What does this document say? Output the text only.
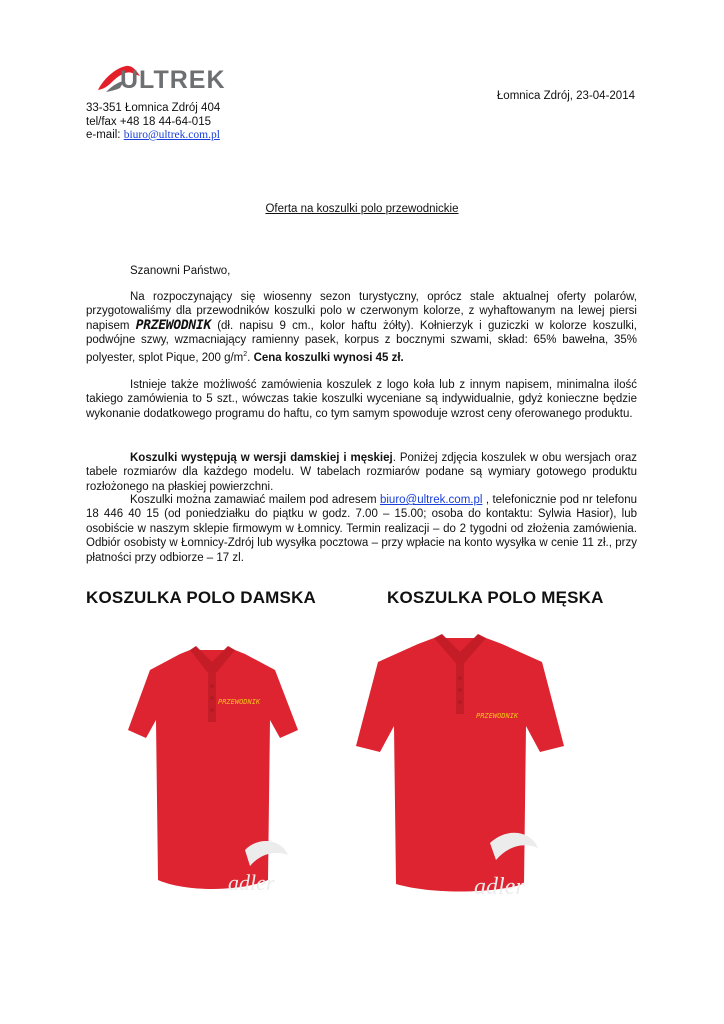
ULTREK
33-351 Łomnica Zdrój 404
tel/fax +48 18 44-64-015
e-mail: biuro@ultrek.com.pl
Łomnica Zdrój, 23-04-2014
Oferta na koszulki polo przewodnickie
Szanowni Państwo,
Na rozpoczynający się wiosenny sezon turystyczny, oprócz stale aktualnej oferty polarów, przygotowaliśmy dla przewodników koszulki polo w czerwonym kolorze, z wyhaftowanym na lewej piersi napisem PRZEWODNIK (dł. napisu 9 cm., kolor haftu żółty). Kołnierzyk i guziczki w kolorze koszulki, podwójne szwy, wzmacniający ramienny pasek, korpus z bocznymi szwami, skład: 65% bawełna, 35% polyester, splot Pique, 200 $g/m^2$. Cena koszulki wynosi 45 zł.
Istnieje także możliwość zamówienia koszulek z logo koła lub z innym napisem, minimalna ilość takiego zamówienia to 5 szt., wówczas takie koszulki wyceniane są indywidualnie, gdyż konieczne będzie wykonanie dodatkowego programu do haftu, co tym samym spowoduje wzrost ceny oferowanego produktu.
Koszulki występują w wersji damskiej i męskiej. Poniżej zdjęcia koszulek w obu wersjach oraz tabele rozmiarów dla każdego modelu. W tabelach rozmiarów podane są wymiary gotowego produktu rozłożonego na płaskiej powierzchni.
Koszulki można zamawiać mailem pod adresem biuro@ultrek.com.pl , telefonicznie pod nr telefonu 18 446 40 15 (od poniedziałku do piątku w godz. 7.00 – 15.00; osoba do kontaktu: Sylwia Hasior), lub osobiście w naszym sklepie firmowym w Łomnicy. Termin realizacji – do 2 tygodni od złożenia zamówienia. Odbiór osobisty w Łomnicy-Zdrój lub wysyłka pocztowa – przy wpłacie na konto wysyłka w cenie 11 zł., przy płatności przy odbiorze – 17 zl.
KOSZULKA POLO DAMSKA	KOSZULKA POLO MĘSKA
PRZEWODNIK
adler
PRZEWODNIK
adler
